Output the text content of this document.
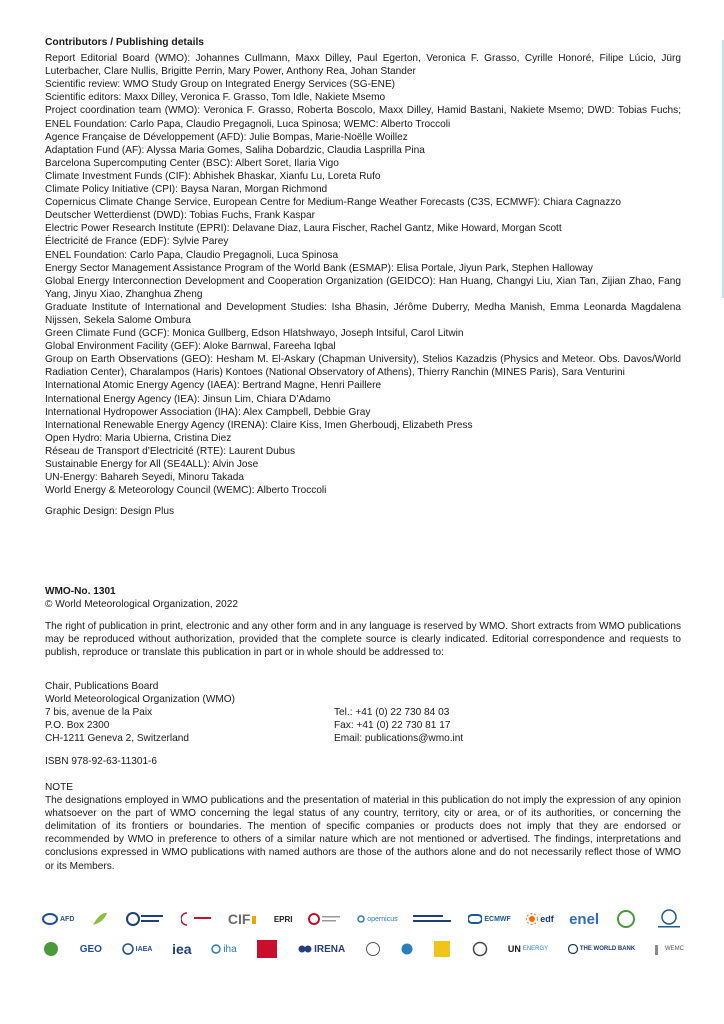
Contributors / Publishing details
Report Editorial Board (WMO): Johannes Cullmann, Maxx Dilley, Paul Egerton, Veronica F. Grasso, Cyrille Honoré, Filipe Lúcio, Jürg Luterbacher, Clare Nullis, Brigitte Perrin, Mary Power, Anthony Rea, Johan Stander
Scientific review: WMO Study Group on Integrated Energy Services (SG-ENE)
Scientific editors: Maxx Dilley, Veronica F. Grasso, Tom Idle, Nakiete Msemo
Project coordination team (WMO): Veronica F. Grasso, Roberta Boscolo, Maxx Dilley, Hamid Bastani, Nakiete Msemo; DWD: Tobias Fuchs; ENEL Foundation: Carlo Papa, Claudio Pregagnoli, Luca Spinosa; WEMC: Alberto Troccoli
Agence Française de Développement (AFD): Julie Bompas, Marie-Noëlle Woillez
Adaptation Fund (AF): Alyssa Maria Gomes, Saliha Dobardzic, Claudia Lasprilla Pina
Barcelona Supercomputing Center (BSC): Albert Soret, Ilaria Vigo
Climate Investment Funds (CIF): Abhishek Bhaskar, Xianfu Lu, Loreta Rufo
Climate Policy Initiative (CPI): Baysa Naran, Morgan Richmond
Copernicus Climate Change Service, European Centre for Medium-Range Weather Forecasts (C3S, ECMWF): Chiara Cagnazzo
Deutscher Wetterdienst (DWD): Tobias Fuchs, Frank Kaspar
Electric Power Research Institute (EPRI): Delavane Diaz, Laura Fischer, Rachel Gantz, Mike Howard, Morgan Scott
Électricité de France (EDF): Sylvie Parey
ENEL Foundation: Carlo Papa, Claudio Pregagnoli, Luca Spinosa
Energy Sector Management Assistance Program of the World Bank (ESMAP): Elisa Portale, Jiyun Park, Stephen Halloway
Global Energy Interconnection Development and Cooperation Organization (GEIDCO): Han Huang, Changyi Liu, Xian Tan, Zijian Zhao, Fang Yang, Jinyu Xiao, Zhanghua Zheng
Graduate Institute of International and Development Studies: Isha Bhasin, Jérôme Duberry, Medha Manish, Emma Leonarda Magdalena Nijssen, Sekela Salome Ombura
Green Climate Fund (GCF): Monica Gullberg, Edson Hlatshwayo, Joseph Intsiful, Carol Litwin
Global Environment Facility (GEF): Aloke Barnwal, Fareeha Iqbal
Group on Earth Observations (GEO): Hesham M. El-Askary (Chapman University), Stelios Kazadzis (Physics and Meteor. Obs. Davos/World Radiation Center), Charalampos (Haris) Kontoes (National Observatory of Athens), Thierry Ranchin (MINES Paris), Sara Venturini
International Atomic Energy Agency (IAEA): Bertrand Magne, Henri Paillere
International Energy Agency (IEA): Jinsun Lim, Chiara D’Adamo
International Hydropower Association (IHA): Alex Campbell, Debbie Gray
International Renewable Energy Agency (IRENA): Claire Kiss, Imen Gherboudj, Elizabeth Press
Open Hydro: Maria Ubierna, Cristina Diez
Réseau de Transport d’Electricité (RTE): Laurent Dubus
Sustainable Energy for All (SE4ALL): Alvin Jose
UN-Energy: Bahareh Seyedi, Minoru Takada
World Energy & Meteorology Council (WEMC): Alberto Troccoli
Graphic Design: Design Plus
WMO-No. 1301
© World Meteorological Organization, 2022
The right of publication in print, electronic and any other form and in any language is reserved by WMO. Short extracts from WMO publications may be reproduced without authorization, provided that the complete source is clearly indicated. Editorial correspondence and requests to publish, reproduce or translate this publication in part or in whole should be addressed to:
Chair, Publications Board
World Meteorological Organization (WMO)
7 bis, avenue de la Paix
P.O. Box 2300
CH-1211 Geneva 2, Switzerland
Tel.: +41 (0) 22 730 84 03
Fax: +41 (0) 22 730 81 17
Email: publications@wmo.int
ISBN 978-92-63-11301-6
NOTE
The designations employed in WMO publications and the presentation of material in this publication do not imply the expression of any opinion whatsoever on the part of WMO concerning the legal status of any country, territory, city or area, or of its authorities, or concerning the delimitation of its frontiers or boundaries. The mention of specific companies or products does not imply that they are endorsed or recommended by WMO in preference to others of a similar nature which are not mentioned or advertised. The findings, interpretations and conclusions expressed in WMO publications with named authors are those of the authors alone and do not necessarily reflect those of WMO or its Members.
AFD	CIF	EPRI	opernicus	ECMWF	edf enel
GEO	IAEA iea	iha	IRENA	UN ENERGY	THE WORLD BANK	WEMC
